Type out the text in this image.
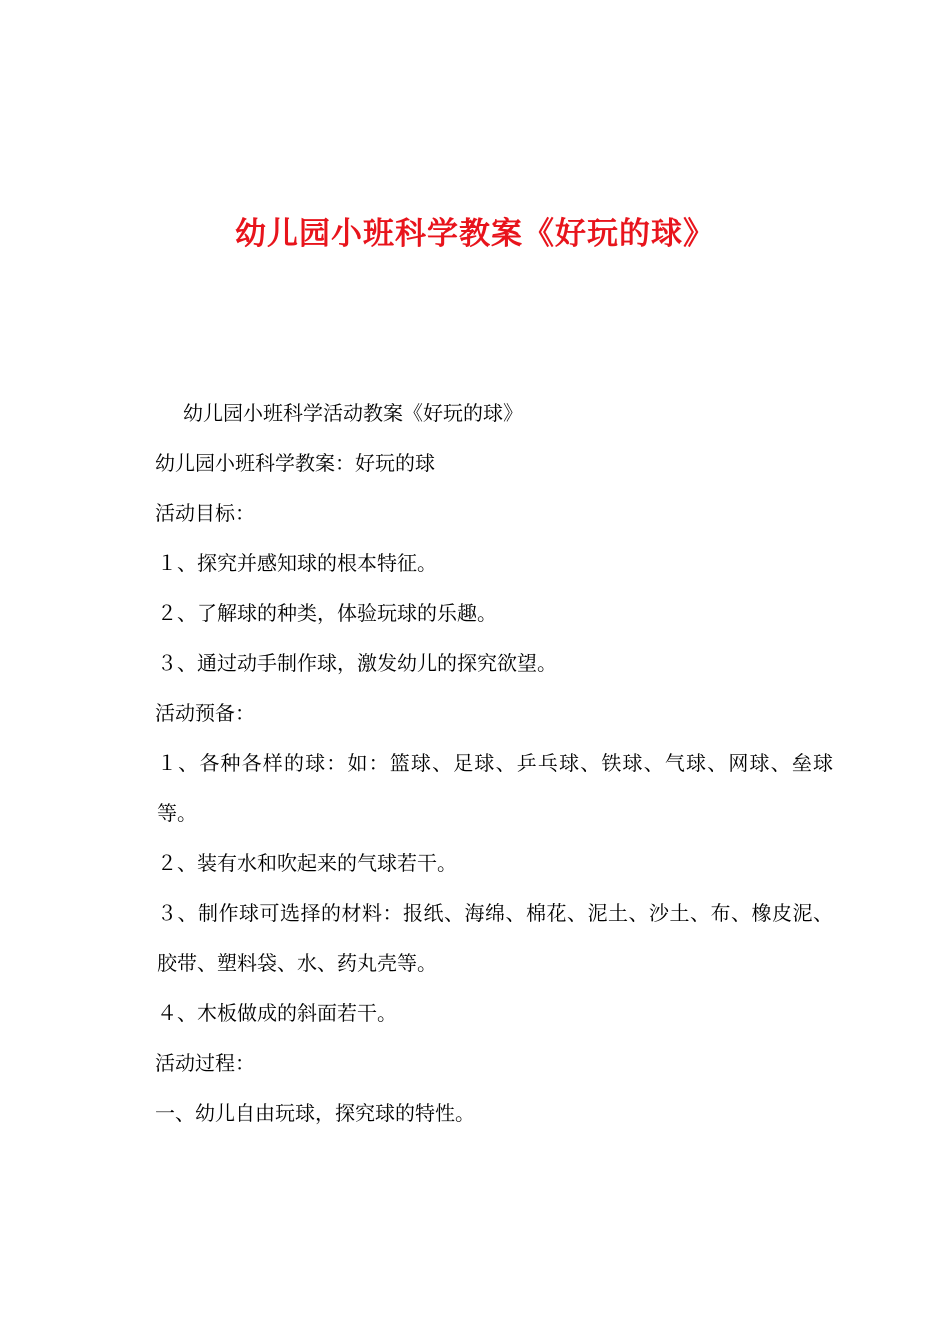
幼儿园小班科学教案《好玩的球》

幼儿园小班科学活动教案《好玩的球》

幼儿园小班科学教案：好玩的球

活动目标：

１、探究并感知球的根本特征。

２、了解球的种类，体验玩球的乐趣。

３、通过动手制作球，激发幼儿的探究欲望。

活动预备：

１、各种各样的球：如：篮球、足球、乒乓球、铁球、气球、网球、垒球等。

２、装有水和吹起来的气球若干。

３、制作球可选择的材料：报纸、海绵、棉花、泥土、沙土、布、橡皮泥、胶带、塑料袋、水、药丸壳等。

４、木板做成的斜面若干。

活动过程：

一、幼儿自由玩球，探究球的特性。
